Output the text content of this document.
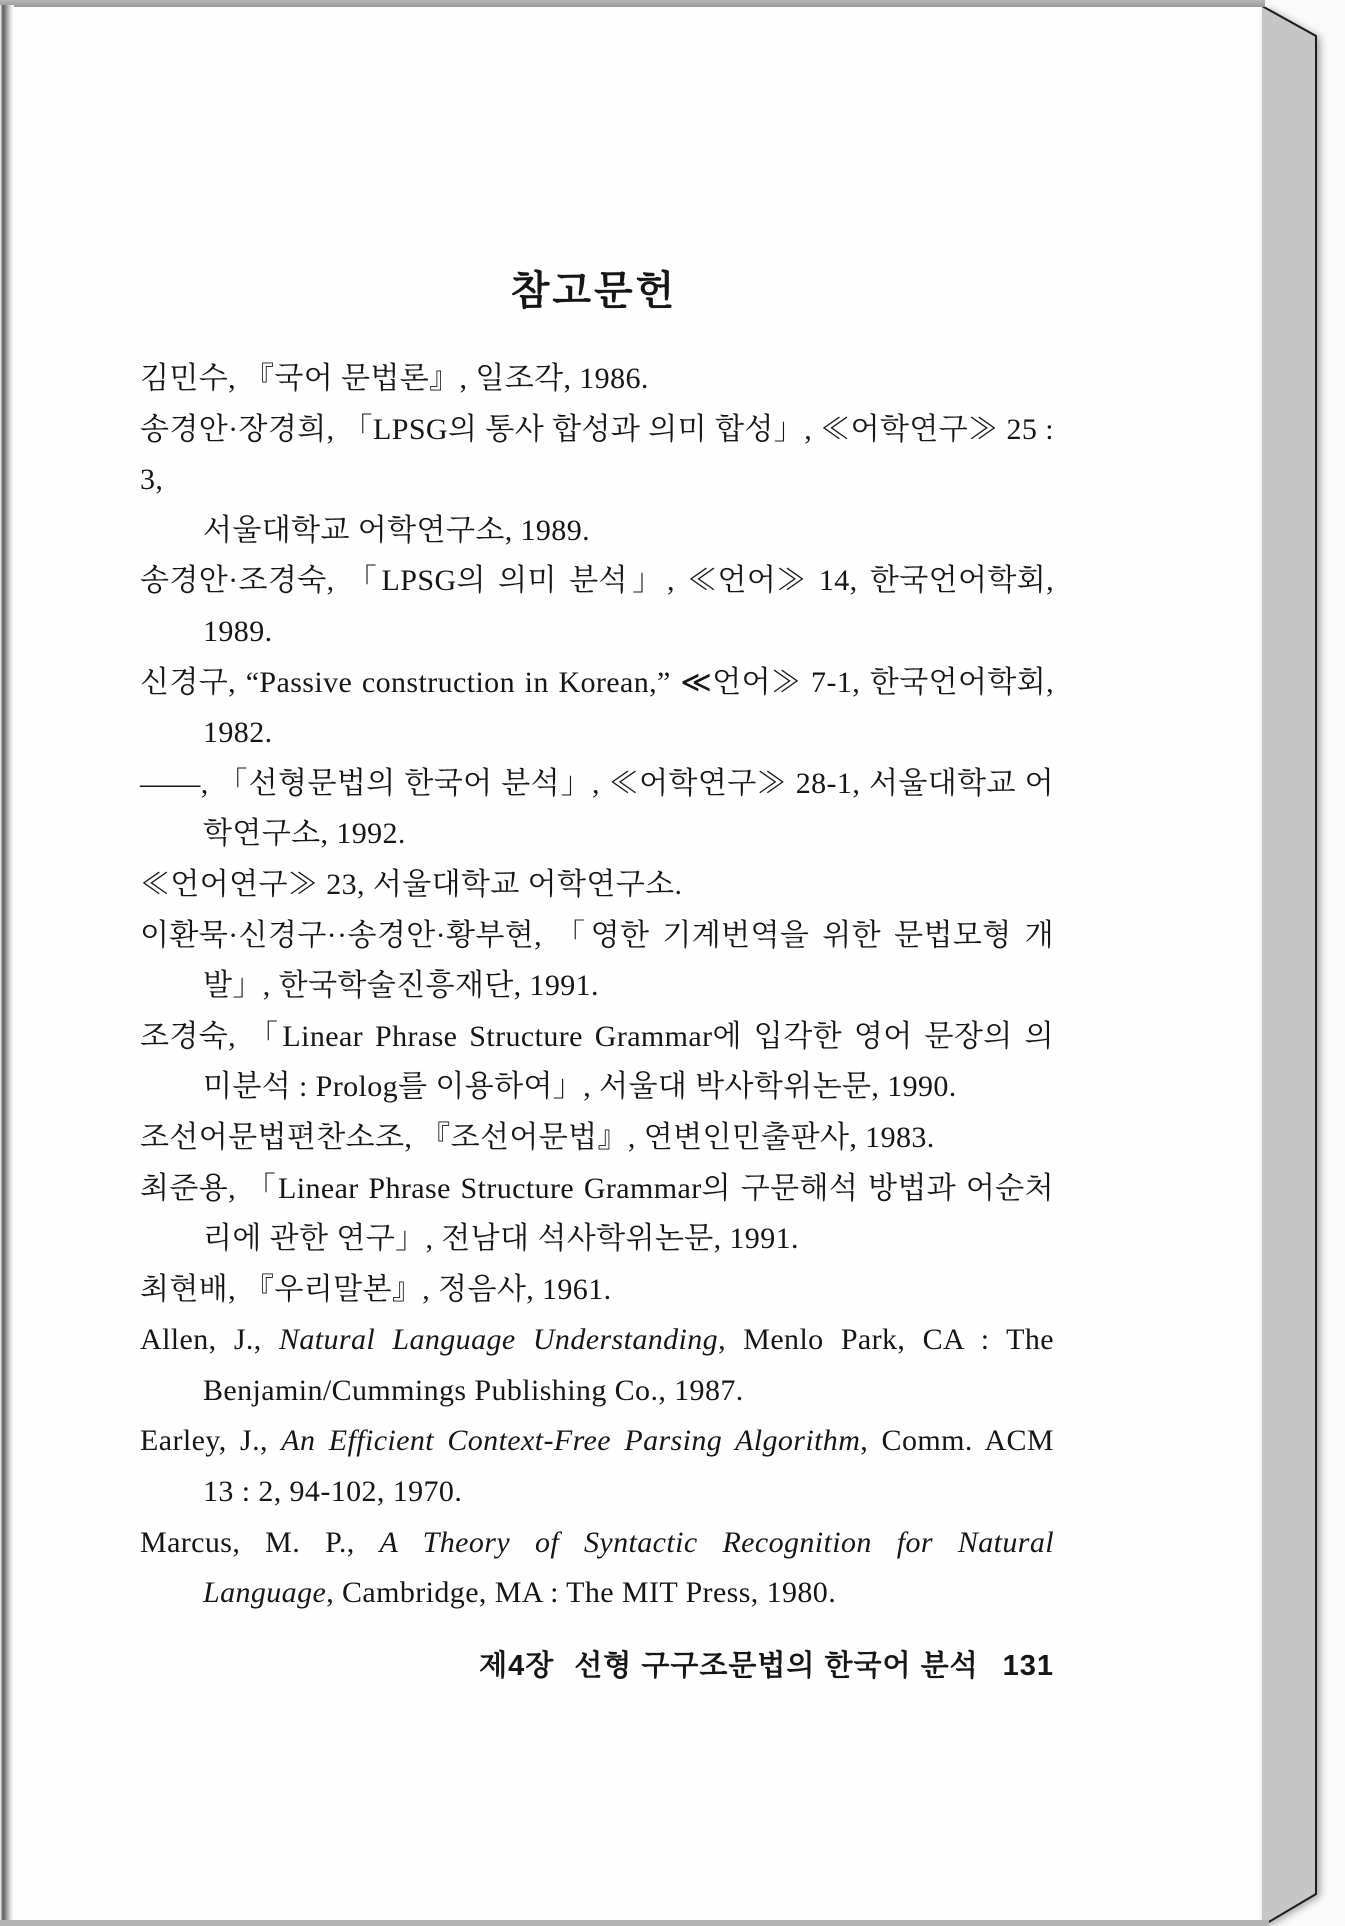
참고문헌
김민수, 『국어 문법론』, 일조각, 1986.
송경안·장경희, 「LPSG의 통사 합성과 의미 합성」, ≪어학연구≫ 25 : 3,
서울대학교 어학연구소, 1989.
송경안·조경숙, 「LPSG의 의미 분석」, ≪언어≫ 14, 한국언어학회,
1989.
신경구, “Passive construction in Korean,” ≪언어≫ 7-1, 한국언어학회,
1982.
——, 「선형문법의 한국어 분석」, ≪어학연구≫ 28-1, 서울대학교 어
학연구소, 1992.
≪언어연구≫ 23, 서울대학교 어학연구소.
이환묵·신경구··송경안·황부현, 「영한 기계번역을 위한 문법모형 개
발」, 한국학술진흥재단, 1991.
조경숙, 「Linear Phrase Structure Grammar에 입각한 영어 문장의 의
미분석 : Prolog를 이용하여」, 서울대 박사학위논문, 1990.
조선어문법편찬소조, 『조선어문법』, 연변인민출판사, 1983.
최준용, 「Linear Phrase Structure Grammar의 구문해석 방법과 어순처
리에 관한 연구」, 전남대 석사학위논문, 1991.
최현배, 『우리말본』, 정음사, 1961.
Allen, J., Natural Language Understanding, Menlo Park, CA : The
Benjamin/Cummings Publishing Co., 1987.
Earley, J., An Efficient Context-Free Parsing Algorithm, Comm. ACM
13 : 2, 94-102, 1970.
Marcus, M. P., A Theory of Syntactic Recognition for Natural
Language, Cambridge, MA : The MIT Press, 1980.
제4장 선형 구구조문법의 한국어 분석 131
